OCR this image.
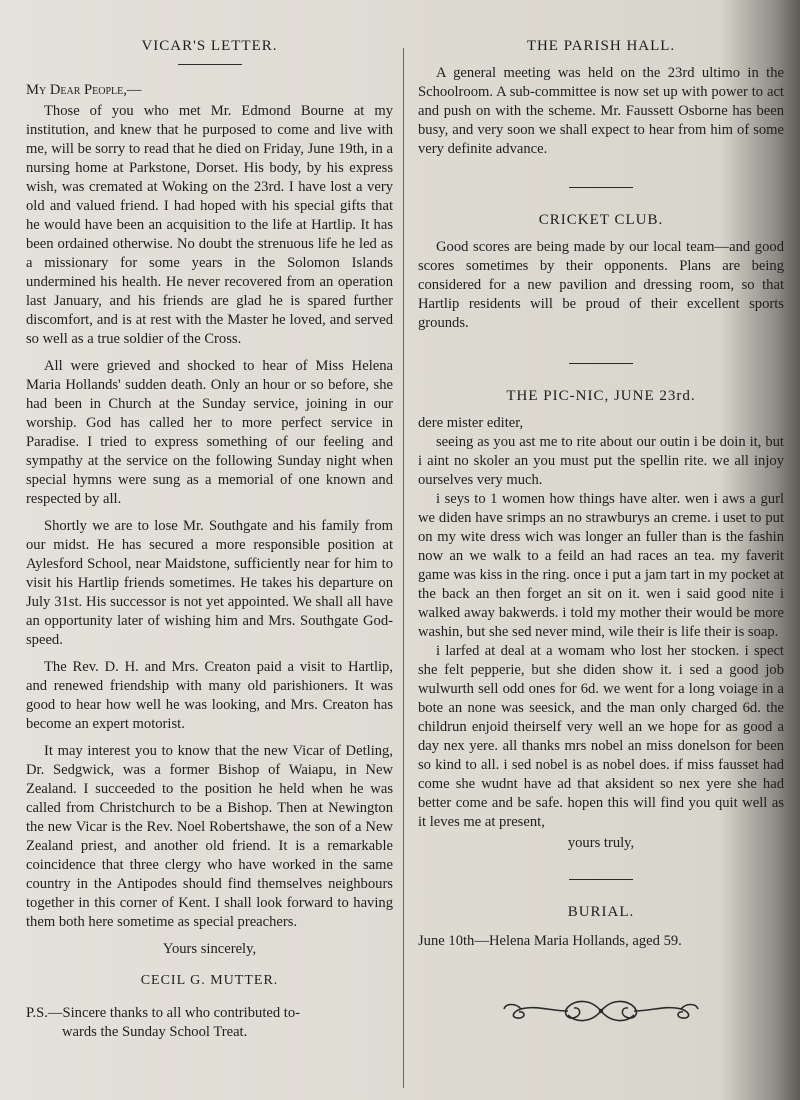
VICAR'S LETTER.

My Dear People,—

Those of you who met Mr. Edmond Bourne at my institution, and knew that he purposed to come and live with me, will be sorry to read that he died on Friday, June 19th, in a nursing home at Parkstone, Dorset. His body, by his express wish, was cremated at Woking on the 23rd. I have lost a very old and valued friend. I had hoped with his special gifts that he would have been an acquisition to the life at Hartlip. It has been ordained otherwise. No doubt the strenuous life he led as a missionary for some years in the Solomon Islands undermined his health. He never recovered from an operation last January, and his friends are glad he is spared further discomfort, and is at rest with the Master he loved, and served so well as a true soldier of the Cross.

All were grieved and shocked to hear of Miss Helena Maria Hollands' sudden death. Only an hour or so before, she had been in Church at the Sunday service, joining in our worship. God has called her to more perfect service in Paradise. I tried to express something of our feeling and sympathy at the service on the following Sunday night when special hymns were sung as a memorial of one known and respected by all.

Shortly we are to lose Mr. Southgate and his family from our midst. He has secured a more responsible position at Aylesford School, near Maidstone, sufficiently near for him to visit his Hartlip friends sometimes. He takes his departure on July 31st. His successor is not yet appointed. We shall all have an opportunity later of wishing him and Mrs. Southgate God-speed.

The Rev. D. H. and Mrs. Creaton paid a visit to Hartlip, and renewed friendship with many old parishioners. It was good to hear how well he was looking, and Mrs. Creaton has become an expert motorist.

It may interest you to know that the new Vicar of Detling, Dr. Sedgwick, was a former Bishop of Waiapu, in New Zealand. I succeeded to the position he held when he was called from Christchurch to be a Bishop. Then at Newington the new Vicar is the Rev. Noel Robertshawe, the son of a New Zealand priest, and another old friend. It is a remarkable coincidence that three clergy who have worked in the same country in the Antipodes should find themselves neighbours together in this corner of Kent. I shall look forward to having them both here sometime as special preachers.

Yours sincerely,

CECIL G. MUTTER.

P.S.—Sincere thanks to all who contributed to-
wards the Sunday School Treat.

THE PARISH HALL.

A general meeting was held on the 23rd ultimo in the Schoolroom. A sub-committee is now set up with power to act and push on with the scheme. Mr. Faussett Osborne has been busy, and very soon we shall expect to hear from him of some very definite advance.

CRICKET CLUB.

Good scores are being made by our local team—and good scores sometimes by their opponents. Plans are being considered for a new pavilion and dressing room, so that Hartlip residents will be proud of their excellent sports grounds.

THE PIC-NIC, JUNE 23rd.

dere mister editer,

seeing as you ast me to rite about our outin i be doin it, but i aint no skoler an you must put the spellin rite. we all injoy ourselves very much.

i seys to 1 women how things have alter. wen i aws a gurl we diden have srimps an no strawburys an creme. i uset to put on my wite dress wich was longer an fuller than is the fashin now an we walk to a feild an had races an tea. my faverit game was kiss in the ring. once i put a jam tart in my pocket at the back an then forget an sit on it. wen i said good nite i walked away bakwerds. i told my mother their would be more washin, but she sed never mind, wile their is life their is soap.

i larfed at deal at a womam who lost her stocken. i spect she felt pepperie, but she diden show it. i sed a good job wulwurth sell odd ones for 6d. we went for a long voiage in a bote an none was seesick, and the man only charged 6d. the childrun enjoid theirself very well an we hope for as good a day nex yere. all thanks mrs nobel an miss donelson for been so kind to all. i sed nobel is as nobel does. if miss fausset had come she wudnt have ad that aksident so nex yere she had better come and be safe. hopen this will find you quit well as it leves me at present,

yours truly,

BURIAL.

June 10th—Helena Maria Hollands, aged 59.
